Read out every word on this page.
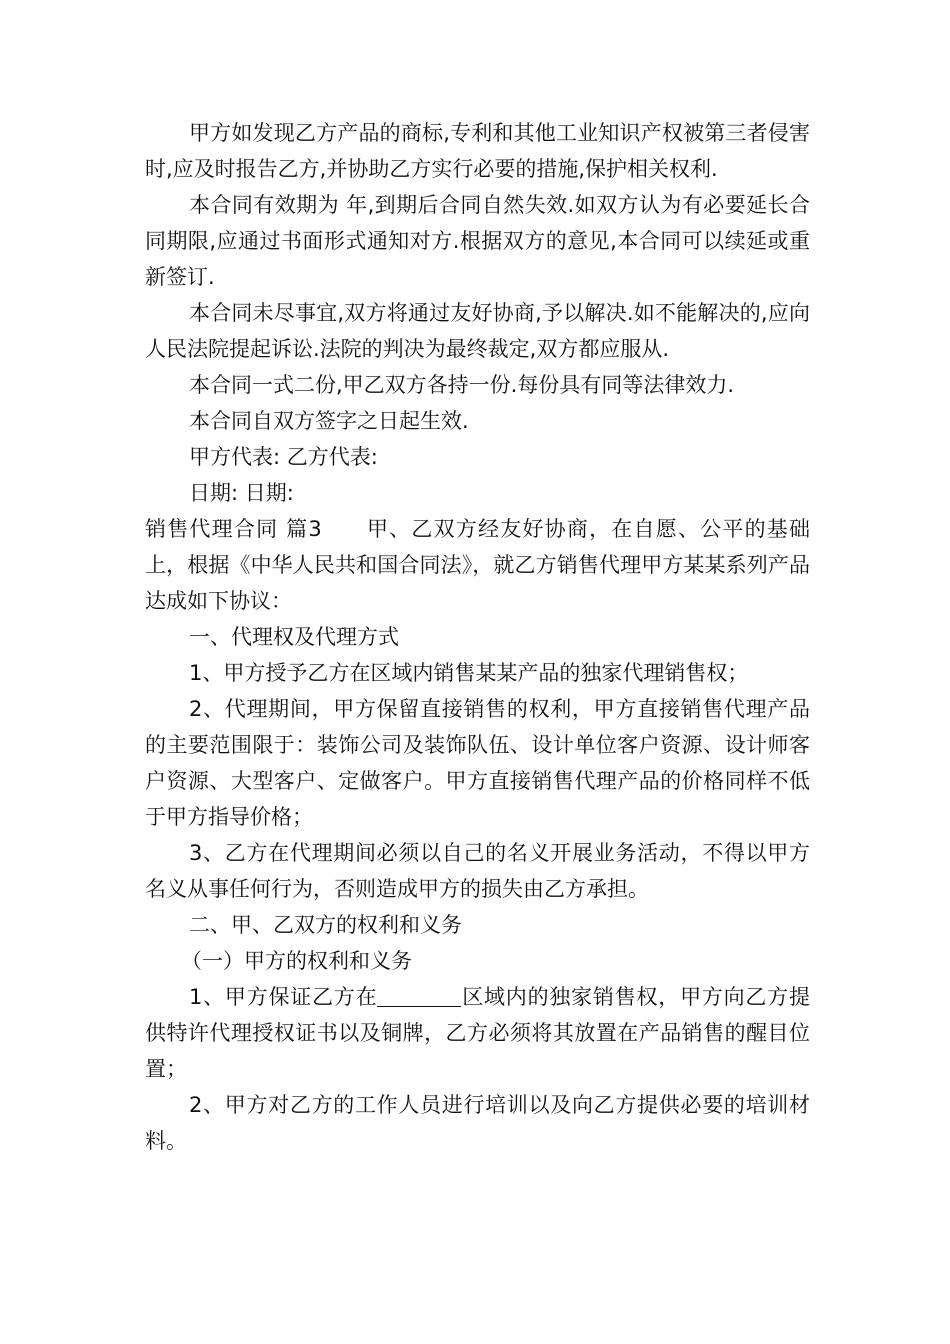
甲方如发现乙方产品的商标,专利和其他工业知识产权被第三者侵害时,应及时报告乙方,并协助乙方实行必要的措施,保护相关权利.

本合同有效期为 年,到期后合同自然失效.如双方认为有必要延长合同期限,应通过书面形式通知对方.根据双方的意见,本合同可以续延或重新签订.

本合同未尽事宜,双方将通过友好协商,予以解决.如不能解决的,应向人民法院提起诉讼.法院的判决为最终裁定,双方都应服从.

本合同一式二份,甲乙双方各持一份.每份具有同等法律效力.

本合同自双方签字之日起生效.

甲方代表: 乙方代表:

日期: 日期:

销售代理合同 篇3 甲、乙双方经友好协商，在自愿、公平的基础上，根据《中华人民共和国合同法》，就乙方销售代理甲方某某系列产品达成如下协议：

一、代理权及代理方式

1、甲方授予乙方在区域内销售某某产品的独家代理销售权；

2、代理期间，甲方保留直接销售的权利，甲方直接销售代理产品的主要范围限于：装饰公司及装饰队伍、设计单位客户资源、设计师客户资源、大型客户、定做客户。甲方直接销售代理产品的价格同样不低于甲方指导价格；

3、乙方在代理期间必须以自己的名义开展业务活动，不得以甲方名义从事任何行为，否则造成甲方的损失由乙方承担。

二、甲、乙双方的权利和义务

（一）甲方的权利和义务

1、甲方保证乙方在	区域内的独家销售权，甲方向乙方提供特许代理授权证书以及铜牌，乙方必须将其放置在产品销售的醒目位置；

2、甲方对乙方的工作人员进行培训以及向乙方提供必要的培训材料。
